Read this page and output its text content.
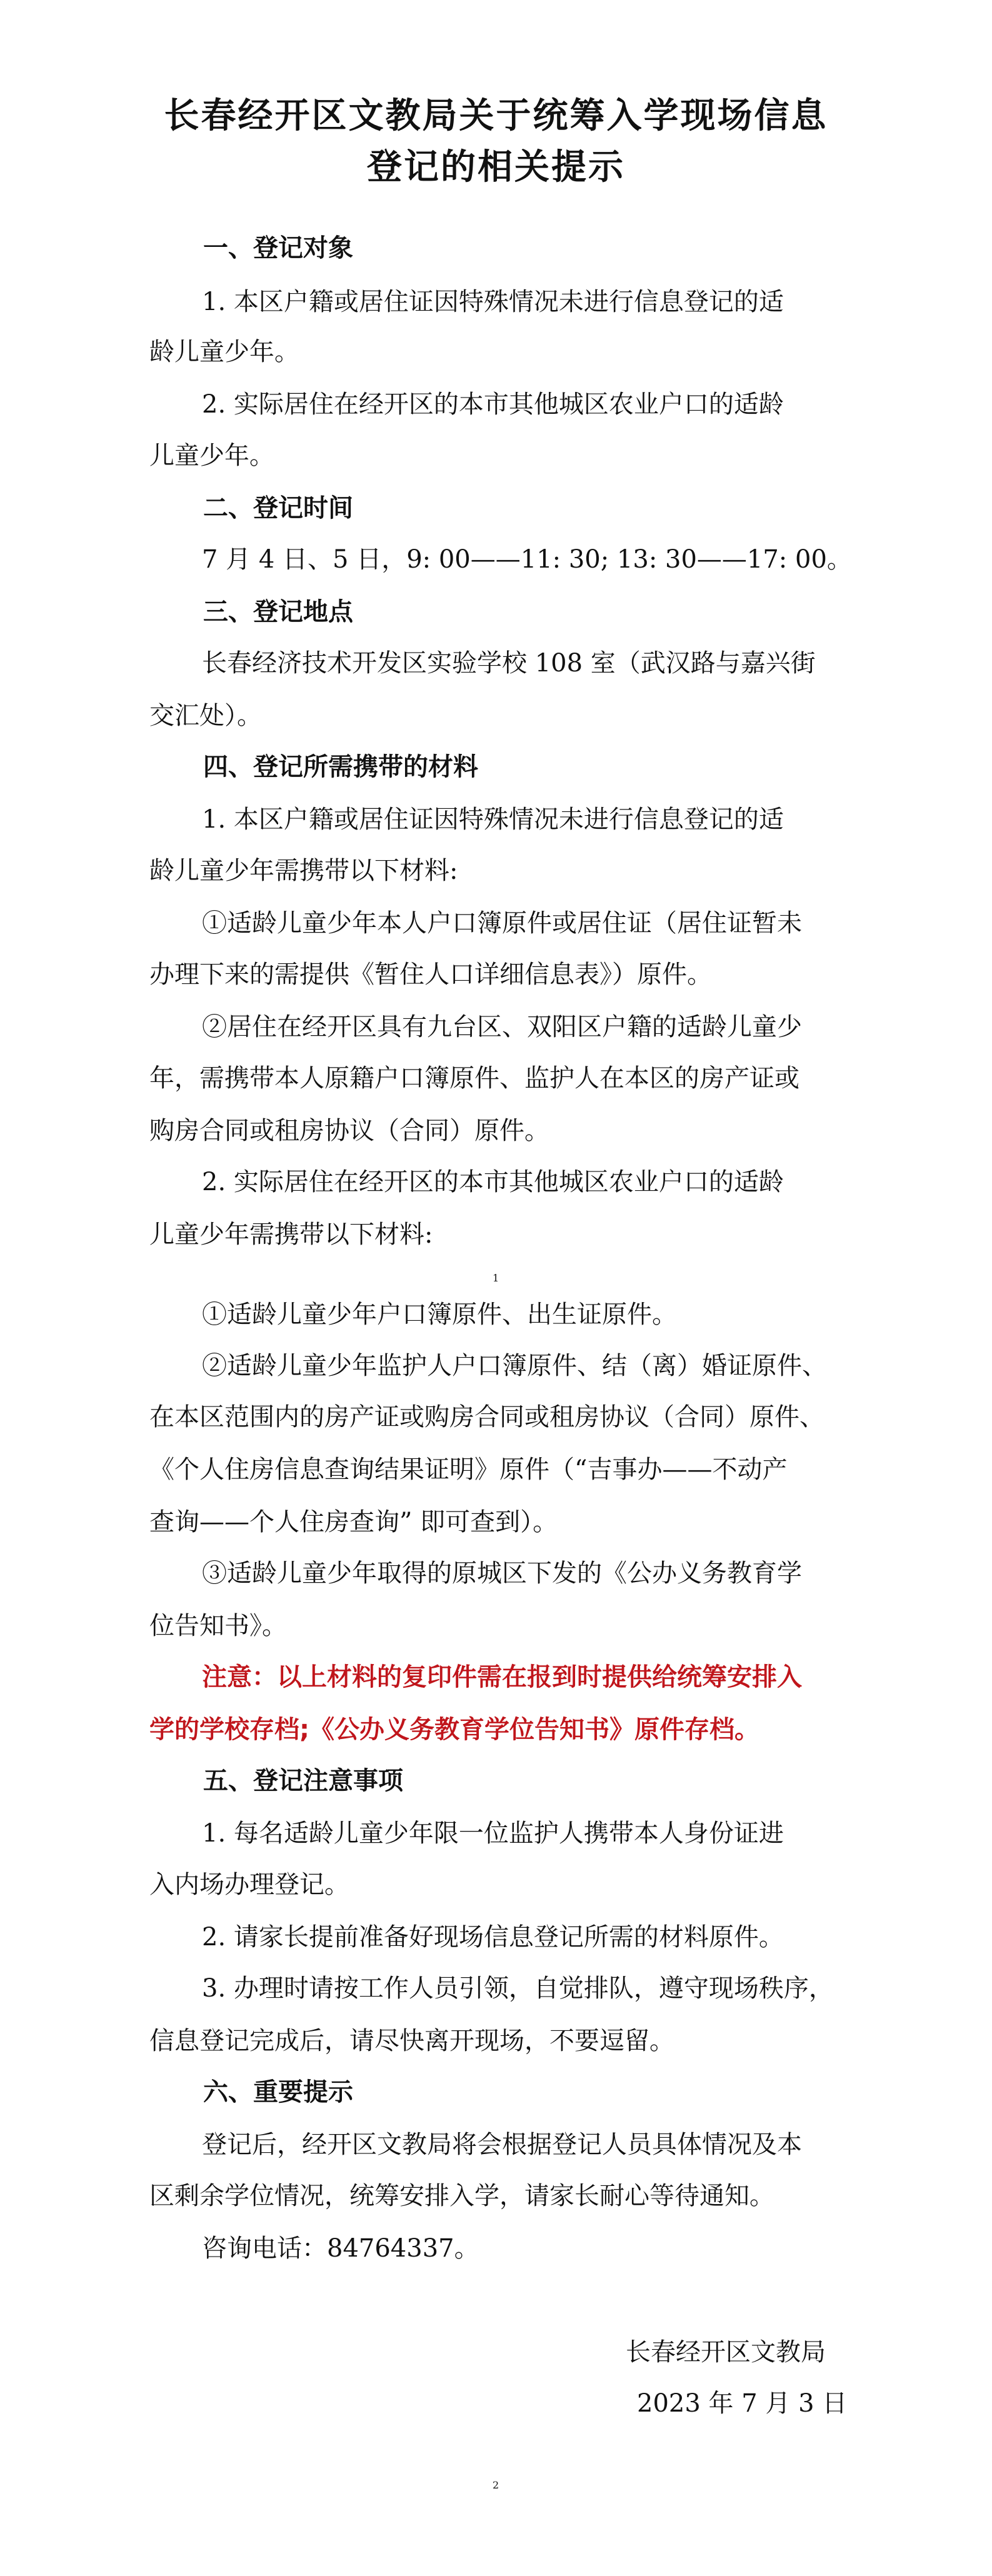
长春经开区文教局关于统筹入学现场信息
登记的相关提示
一、登记对象
1. 本区户籍或居住证因特殊情况未进行信息登记的适
龄儿童少年。
2. 实际居住在经开区的本市其他城区农业户口的适龄
儿童少年。
二、登记时间
7 月 4 日、5 日，9: 00——11: 30; 13: 30——17: 00。
三、登记地点
长春经济技术开发区实验学校 108 室（武汉路与嘉兴街
交汇处）。
四、登记所需携带的材料
1. 本区户籍或居住证因特殊情况未进行信息登记的适
龄儿童少年需携带以下材料:
①适龄儿童少年本人户口簿原件或居住证（居住证暂未
办理下来的需提供《暂住人口详细信息表》）原件。
②居住在经开区具有九台区、双阳区户籍的适龄儿童少
年，需携带本人原籍户口簿原件、监护人在本区的房产证或
购房合同或租房协议（合同）原件。
2. 实际居住在经开区的本市其他城区农业户口的适龄
儿童少年需携带以下材料:
1
①适龄儿童少年户口簿原件、出生证原件。
②适龄儿童少年监护人户口簿原件、结（离）婚证原件、
在本区范围内的房产证或购房合同或租房协议（合同）原件、
《个人住房信息查询结果证明》原件（“吉事办——不动产
查询——个人住房查询” 即可查到）。
③适龄儿童少年取得的原城区下发的《公办义务教育学
位告知书》。
注意：以上材料的复印件需在报到时提供给统筹安排入
学的学校存档;《公办义务教育学位告知书》原件存档。
五、登记注意事项
1. 每名适龄儿童少年限一位监护人携带本人身份证进
入内场办理登记。
2. 请家长提前准备好现场信息登记所需的材料原件。
3. 办理时请按工作人员引领，自觉排队，遵守现场秩序，
信息登记完成后，请尽快离开现场，不要逗留。
六、重要提示
登记后，经开区文教局将会根据登记人员具体情况及本
区剩余学位情况，统筹安排入学，请家长耐心等待通知。
咨询电话：84764337。
长春经开区文教局
2023 年 7 月 3 日
2
